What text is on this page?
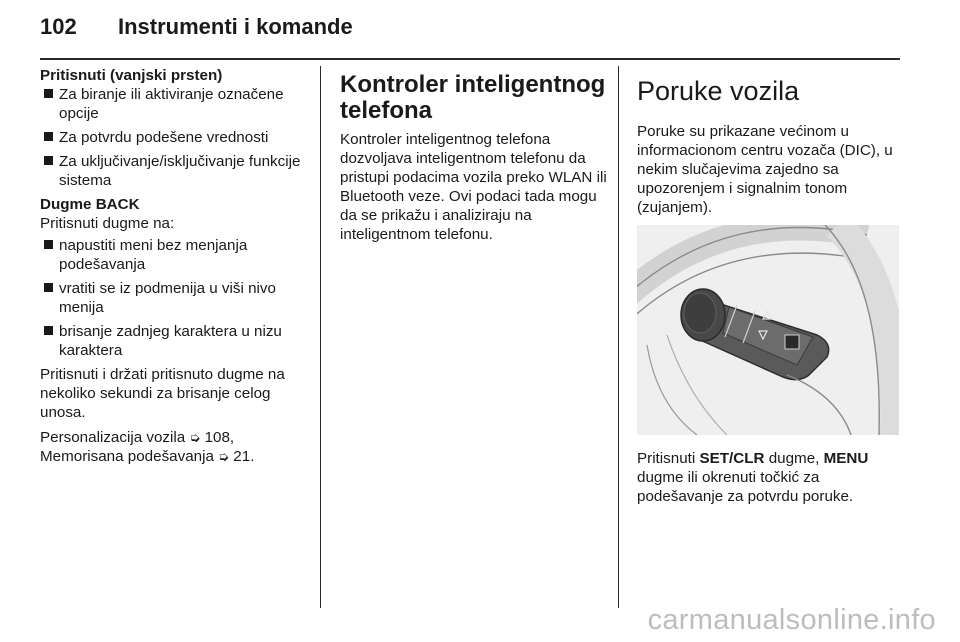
102	Instrumenti i komande

Pritisnuti (vanjski prsten)

Za biranje ili aktiviranje označene opcije
Za potvrdu podešene vrednosti
Za uključivanje/isključivanje funkcije sistema

Dugme BACK

Pritisnuti dugme na:

napustiti meni bez menjanja podešavanja
vratiti se iz podmenija u viši nivo menija
brisanje zadnjeg karaktera u nizu karaktera

Pritisnuti i držati pritisnuto dugme na nekoliko sekundi za brisanje celog unosa.

Personalizacija vozila ➭ 108,
Memorisana podešavanja ➭ 21.

Kontroler inteligentnog telefona

Kontroler inteligentnog telefona dozvoljava inteligentnom telefonu da pristupi podacima vozila preko WLAN ili Bluetooth veze. Ovi podaci tada mogu da se prikažu i analiziraju na inteligentnom telefonu.

Poruke vozila

Poruke su prikazane većinom u informacionom centru vozača (DIC), u nekim slučajevima zajedno sa upozorenjem i signalnim tonom (zujanjem).

Pritisnuti SET/CLR dugme, MENU dugme ili okrenuti točkić za podešavanje za potvrdu poruke.

carmanualsonline.info
